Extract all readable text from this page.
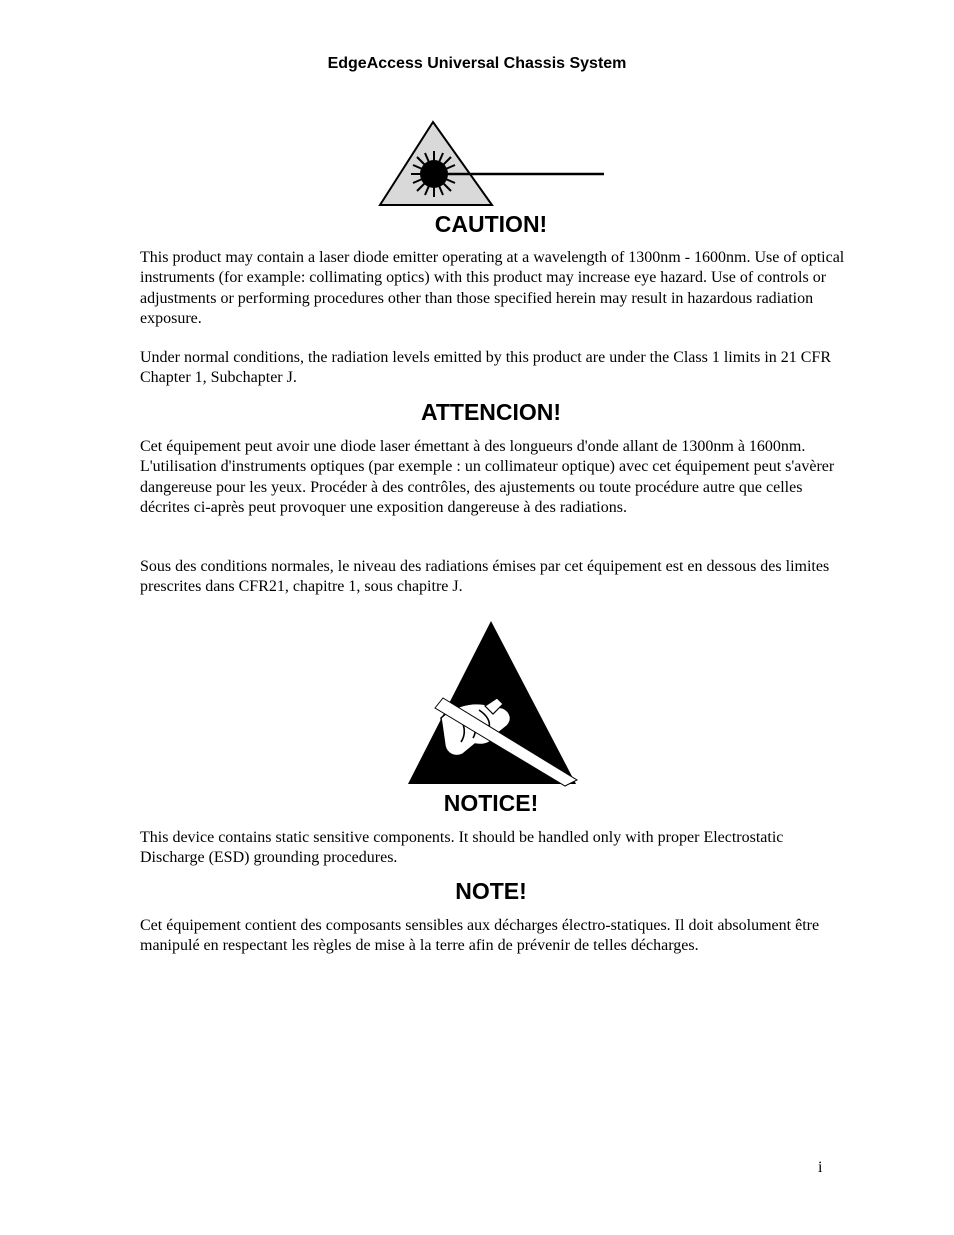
EdgeAccess Universal Chassis System
CAUTION!

This product may contain a laser diode emitter operating at a wavelength of 1300nm - 1600nm. Use of optical instruments (for example: collimating optics) with this product may increase eye hazard. Use of controls or adjustments or performing procedures other than those specified herein may result in hazardous radiation exposure.

Under normal conditions, the radiation levels emitted by this product are under the Class 1 limits in 21 CFR Chapter 1, Subchapter J.

ATTENCION!

Cet équipement peut avoir une diode laser émettant à des longueurs d'onde allant de 1300nm à 1600nm. L'utilisation d'instruments optiques (par exemple : un collimateur optique) avec cet équipement peut s'avèrer dangereuse pour les yeux. Procéder à des contrôles, des ajustements ou toute procédure autre que celles décrites ci-après peut provoquer une exposition dangereuse à des radiations.

Sous des conditions normales, le niveau des radiations émises par cet équipement est en dessous des limites prescrites dans CFR21, chapitre 1, sous chapitre J.

NOTICE!

This device contains static sensitive components. It should be handled only with proper Electrostatic Discharge (ESD) grounding procedures.

NOTE!

Cet équipement contient des composants sensibles aux décharges électro-statiques. Il doit absolument être manipulé en respectant les règles de mise à la terre afin de prévenir de telles décharges.

i
